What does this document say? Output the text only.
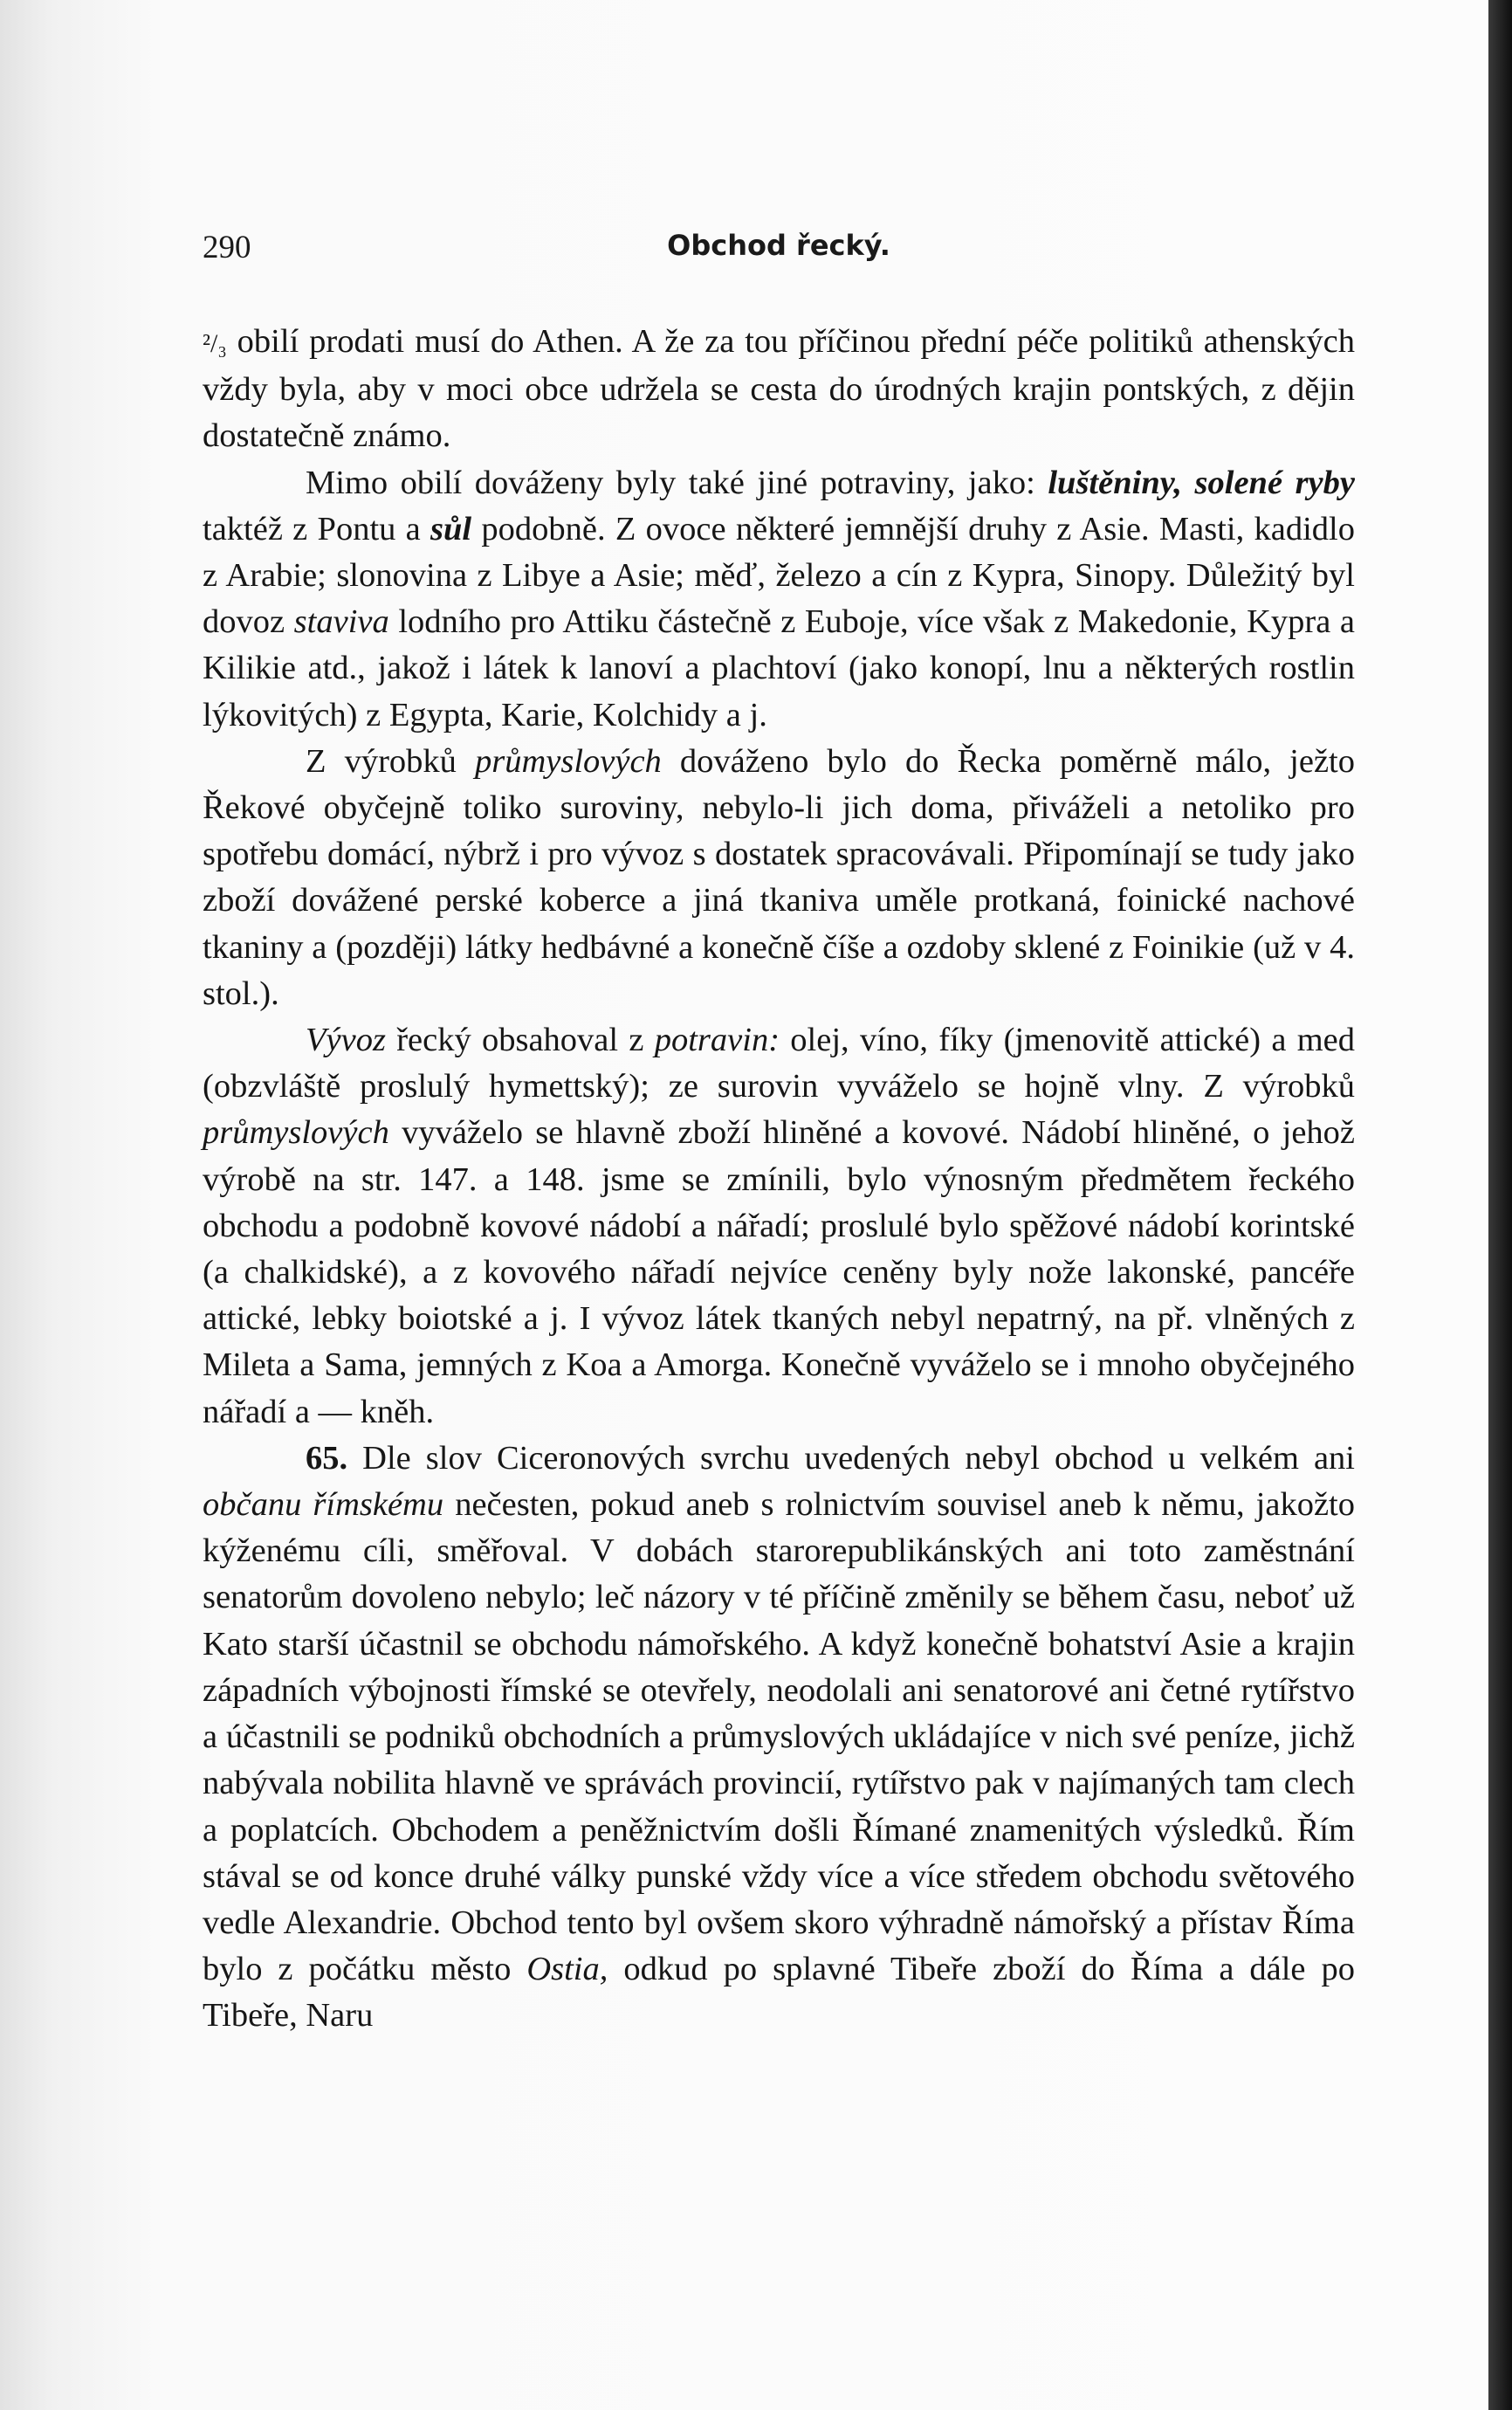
290	Obchod řecký.

²/₃ obilí prodati musí do Athen. A že za tou příčinou přední péče politiků athenských vždy byla, aby v moci obce udržela se cesta do úrodných krajin pontských, z dějin dostatečně známo.

Mimo obilí dováženy byly také jiné potraviny, jako: luštěniny, solené ryby taktéž z Pontu a sůl podobně. Z ovoce některé jemnější druhy z Asie. Masti, kadidlo z Arabie; slonovina z Libye a Asie; měď, železo a cín z Kypra, Sinopy. Důležitý byl dovoz staviva lodního pro Attiku částečně z Euboje, více však z Makedonie, Kypra a Kilikie atd., jakož i látek k lanoví a plachtoví (jako konopí, lnu a některých rostlin lýkovitých) z Egypta, Karie, Kolchidy a j.

Z výrobků průmyslových dováženo bylo do Řecka poměrně málo, ježto Řekové obyčejně toliko suroviny, nebylo-li jich doma, přiváželi a netoliko pro spotřebu domácí, nýbrž i pro vývoz s dostatek spracovávali. Připomínají se tudy jako zboží dovážené perské koberce a jiná tkaniva uměle protkaná, foinické nachové tkaniny a (později) látky hedbávné a konečně číše a ozdoby sklené z Foinikie (už v 4. stol.).

Vývoz řecký obsahoval z potravin: olej, víno, fíky (jmenovitě attické) a med (obzvláště proslulý hymettský); ze surovin vyváželo se hojně vlny. Z výrobků průmyslových vyváželo se hlavně zboží hliněné a kovové. Nádobí hliněné, o jehož výrobě na str. 147. a 148. jsme se zmínili, bylo výnosným předmětem řeckého obchodu a podobně kovové nádobí a nářadí; proslulé bylo spěžové nádobí korintské (a chalkidské), a z kovového nářadí nejvíce ceněny byly nože lakonské, pancéře attické, lebky boiotské a j. I vývoz látek tkaných nebyl nepatrný, na př. vlněných z Mileta a Sama, jemných z Koa a Amorga. Konečně vyváželo se i mnoho obyčejného nářadí a — kněh.

65. Dle slov Ciceronových svrchu uvedených nebyl obchod u velkém ani občanu římskému nečesten, pokud aneb s rolnictvím souvisel aneb k němu, jakožto kýženému cíli, směřoval. V dobách starorepublikánských ani toto zaměstnání senatorům dovoleno nebylo; leč názory v té příčině změnily se během času, neboť už Kato starší účastnil se obchodu námořského. A když konečně bohatství Asie a krajin západních výbojnosti římské se otevřely, neodolali ani senatorové ani četné rytířstvo a účastnili se podniků obchodních a průmyslových ukládajíce v nich své peníze, jichž nabývala nobilita hlavně ve správách provincií, rytířstvo pak v najímaných tam clech a poplatcích. Obchodem a peněžnictvím došli Římané znamenitých výsledků. Řím stával se od konce druhé války punské vždy více a více středem obchodu světového vedle Alexandrie. Obchod tento byl ovšem skoro výhradně námořský a přístav Říma bylo z počátku město Ostia, odkud po splavné Tibeře zboží do Říma a dále po Tibeře, Naru
